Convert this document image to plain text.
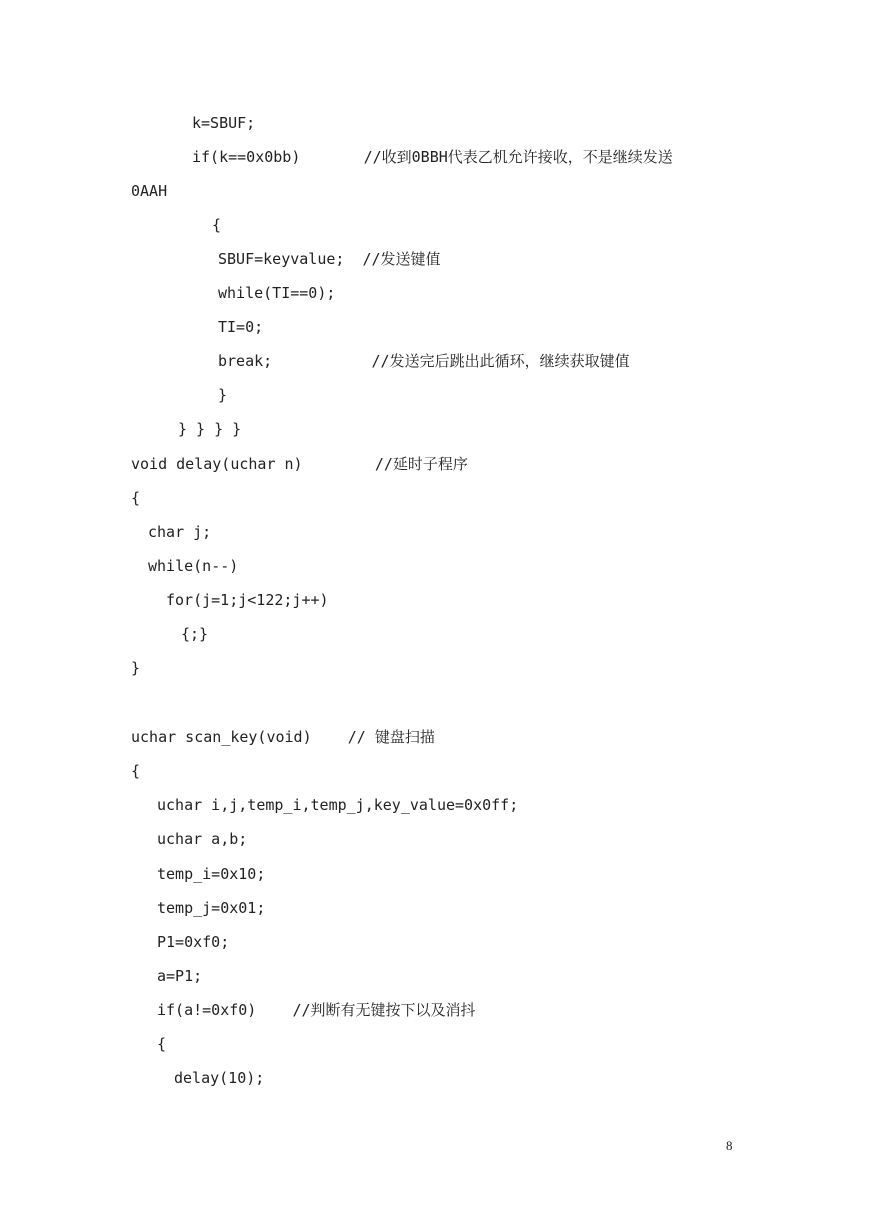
k=SBUF;
if(k==0x0bb)       //收到0BBH代表乙机允许接收，不是继续发送
0AAH
{
SBUF=keyvalue;  //发送键值
while(TI==0);
TI=0;
break;           //发送完后跳出此循环，继续获取键值
}
} } } }
void delay(uchar n)        //延时子程序
{
char j;
while(n--)
for(j=1;j<122;j++)
{;}
}
uchar scan_key(void)    // 键盘扫描
{
uchar i,j,temp_i,temp_j,key_value=0x0ff;
uchar a,b;
temp_i=0x10;
temp_j=0x01;
P1=0xf0;
a=P1;
if(a!=0xf0)    //判断有无键按下以及消抖
{
delay(10);
8
